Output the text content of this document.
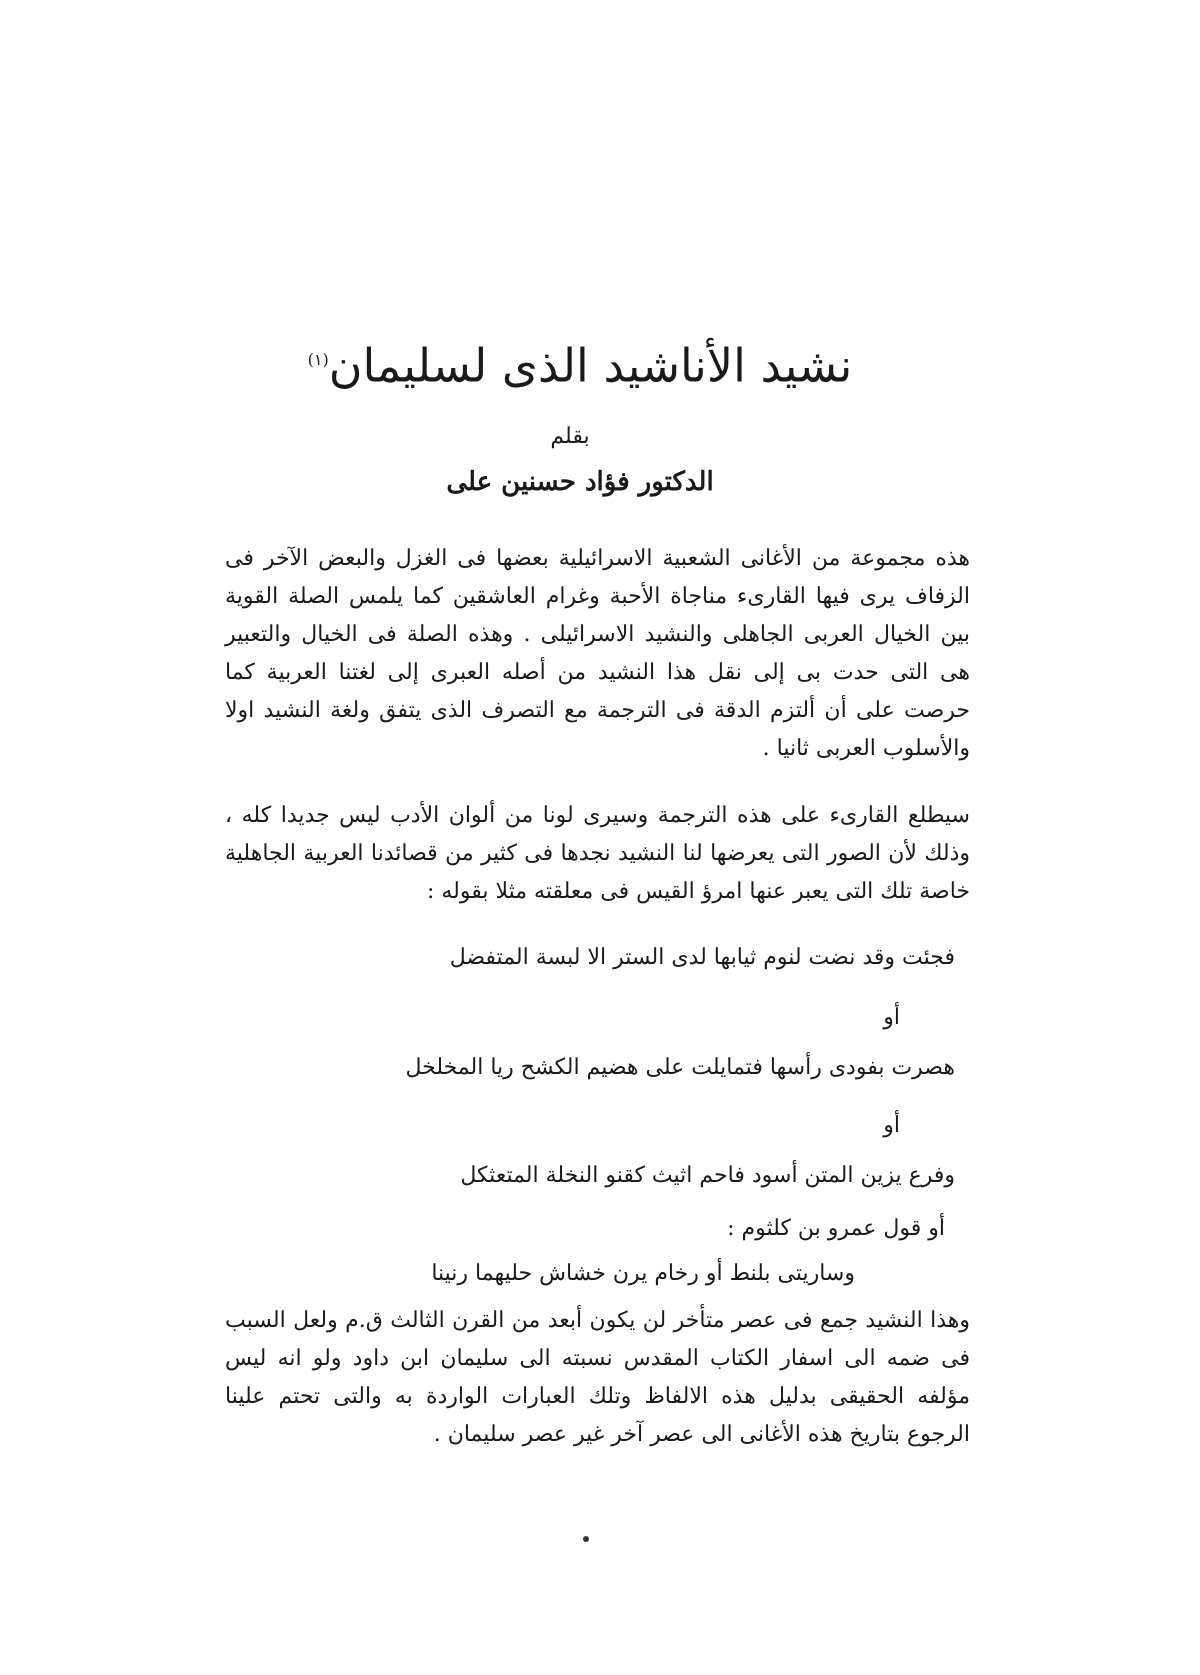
نشيد الأناشيد الذى لسليمان$^{(١)}$
بقلم
الدكتور فؤاد حسنين على
هذه مجموعة من الأغانى الشعبية الاسرائيلية بعضها فى الغزل والبعض الآخر فى الزفاف يرى فيها القارىء مناجاة الأحبة وغرام العاشقين كما يلمس الصلة القوية بين الخيال العربى الجاهلى والنشيد الاسرائيلى . وهذه الصلة فى الخيال والتعبير هى التى حدت بى إلى نقل هذا النشيد من أصله العبرى إلى لغتنا العربية كما حرصت على أن ألتزم الدقة فى الترجمة مع التصرف الذى يتفق ولغة النشيد اولا والأسلوب العربى ثانيا .
سيطلع القارىء على هذه الترجمة وسيرى لونا من ألوان الأدب ليس جديدا كله ، وذلك لأن الصور التى يعرضها لنا النشيد نجدها فى كثير من قصائدنا العربية الجاهلية خاصة تلك التى يعبر عنها امرؤ القيس فى معلقته مثلا بقوله :
فجئت وقد نضت لنوم ثيابها لدى الستر الا لبسة المتفضل
أو
هصرت بفودى رأسها فتمايلت على هضيم الكشح ريا المخلخل
أو
وفرع يزين المتن أسود فاحم اثيث كقنو النخلة المتعثكل
أو قول عمرو بن كلثوم :
وساريتى بلنط أو رخام يرن خشاش حليهما رنينا
وهذا النشيد جمع فى عصر متأخر لن يكون أبعد من القرن الثالث ق.م ولعل السبب فى ضمه الى اسفار الكتاب المقدس نسبته الى سليمان ابن داود ولو انه ليس مؤلفه الحقيقى بدليل هذه الالفاظ وتلك العبارات الواردة به والتى تحتم علينا الرجوع بتاريخ هذه الأغانى الى عصر آخر غير عصر سليمان .
